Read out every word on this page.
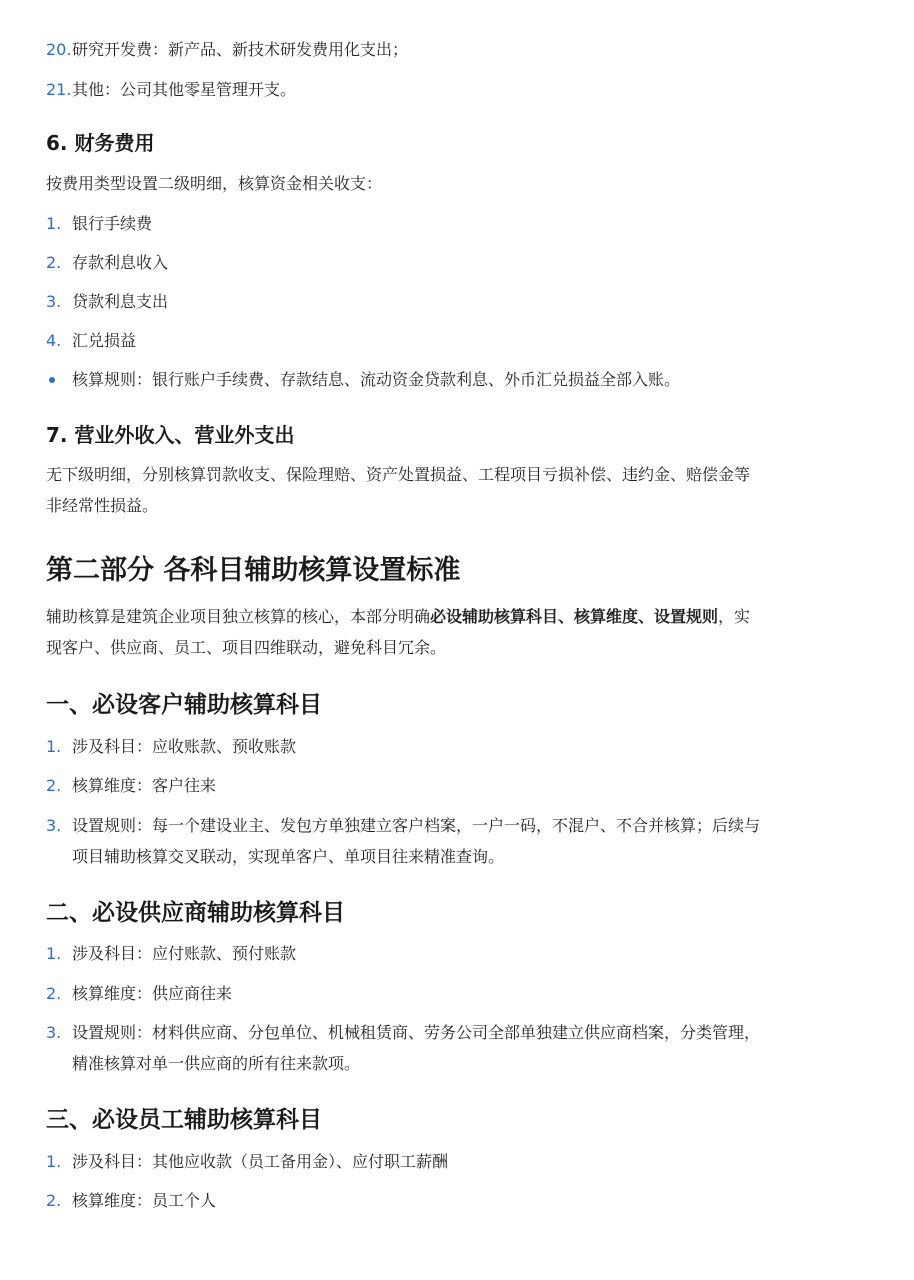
20. 研究开发费：新产品、新技术研发费用化支出；
21. 其他：公司其他零星管理开支。
6. 财务费用
按费用类型设置二级明细，核算资金相关收支：
1. 银行手续费
2. 存款利息收入
3. 贷款利息支出
4. 汇兑损益
核算规则：银行账户手续费、存款结息、流动资金贷款利息、外币汇兑损益全部入账。
7. 营业外收入、营业外支出
无下级明细，分别核算罚款收支、保险理赔、资产处置损益、工程项目亏损补偿、违约金、赔偿金等
非经常性损益。
第二部分 各科目辅助核算设置标准
辅助核算是建筑企业项目独立核算的核心，本部分明确必设辅助核算科目、核算维度、设置规则，实
现客户、供应商、员工、项目四维联动，避免科目冗余。
一、必设客户辅助核算科目
1. 涉及科目：应收账款、预收账款
2. 核算维度：客户往来
3. 设置规则：每一个建设业主、发包方单独建立客户档案，一户一码，不混户、不合并核算；后续与
项目辅助核算交叉联动，实现单客户、单项目往来精准查询。
二、必设供应商辅助核算科目
1. 涉及科目：应付账款、预付账款
2. 核算维度：供应商往来
3. 设置规则：材料供应商、分包单位、机械租赁商、劳务公司全部单独建立供应商档案，分类管理，
精准核算对单一供应商的所有往来款项。
三、必设员工辅助核算科目
1. 涉及科目：其他应收款（员工备用金）、应付职工薪酬
2. 核算维度：员工个人
